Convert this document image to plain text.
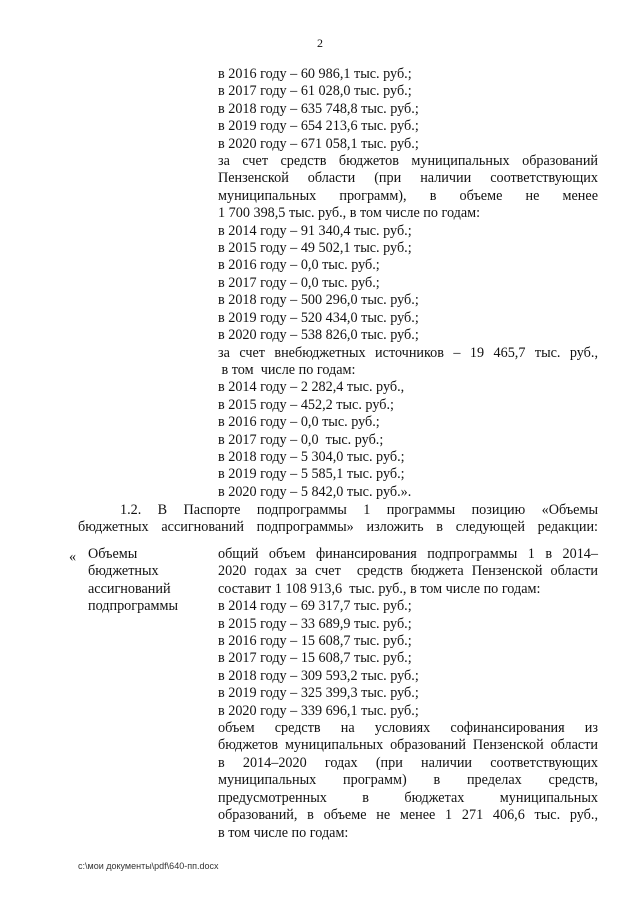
2
в 2016 году – 60 986,1 тыс. руб.;
в 2017 году – 61 028,0 тыс. руб.;
в 2018 году – 635 748,8 тыс. руб.;
в 2019 году – 654 213,6 тыс. руб.;
в 2020 году – 671 058,1 тыс. руб.;
за счет средств бюджетов муниципальных образований
Пензенской области (при наличии соответствующих
муниципальных программ), в объеме не менее
1 700 398,5 тыс. руб., в том числе по годам:
в 2014 году – 91 340,4 тыс. руб.;
в 2015 году – 49 502,1 тыс. руб.;
в 2016 году – 0,0 тыс. руб.;
в 2017 году – 0,0 тыс. руб.;
в 2018 году – 500 296,0 тыс. руб.;
в 2019 году – 520 434,0 тыс. руб.;
в 2020 году – 538 826,0 тыс. руб.;
за счет внебюджетных источников – 19 465,7 тыс. руб.,
в том  числе по годам:
в 2014 году – 2 282,4 тыс. руб.,
в 2015 году – 452,2 тыс. руб.;
в 2016 году – 0,0 тыс. руб.;
в 2017 году – 0,0  тыс. руб.;
в 2018 году – 5 304,0 тыс. руб.;
в 2019 году – 5 585,1 тыс. руб.;
в 2020 году – 5 842,0 тыс. руб.».
1.2. В Паспорте подпрограммы 1 программы позицию «Объемы
бюджетных ассигнований подпрограммы» изложить в следующей редакции:
« Объемы
бюджетных
ассигнований
подпрограммы
общий объем финансирования подпрограммы 1 в 2014–
2020 годах за счет  средств бюджета Пензенской области
составит 1 108 913,6  тыс. руб., в том числе по годам:
в 2014 году – 69 317,7 тыс. руб.;
в 2015 году – 33 689,9 тыс. руб.;
в 2016 году – 15 608,7 тыс. руб.;
в 2017 году – 15 608,7 тыс. руб.;
в 2018 году – 309 593,2 тыс. руб.;
в 2019 году – 325 399,3 тыс. руб.;
в 2020 году – 339 696,1 тыс. руб.;
объем средств на условиях софинансирования из
бюджетов муниципальных образований Пензенской области
в 2014–2020 годах (при наличии соответствующих
муниципальных программ) в пределах средств,
предусмотренных в бюджетах муниципальных
образований, в объеме не менее 1 271 406,6 тыс. руб.,
в том числе по годам:
c:\мои документы\pdf\640-пп.docx
